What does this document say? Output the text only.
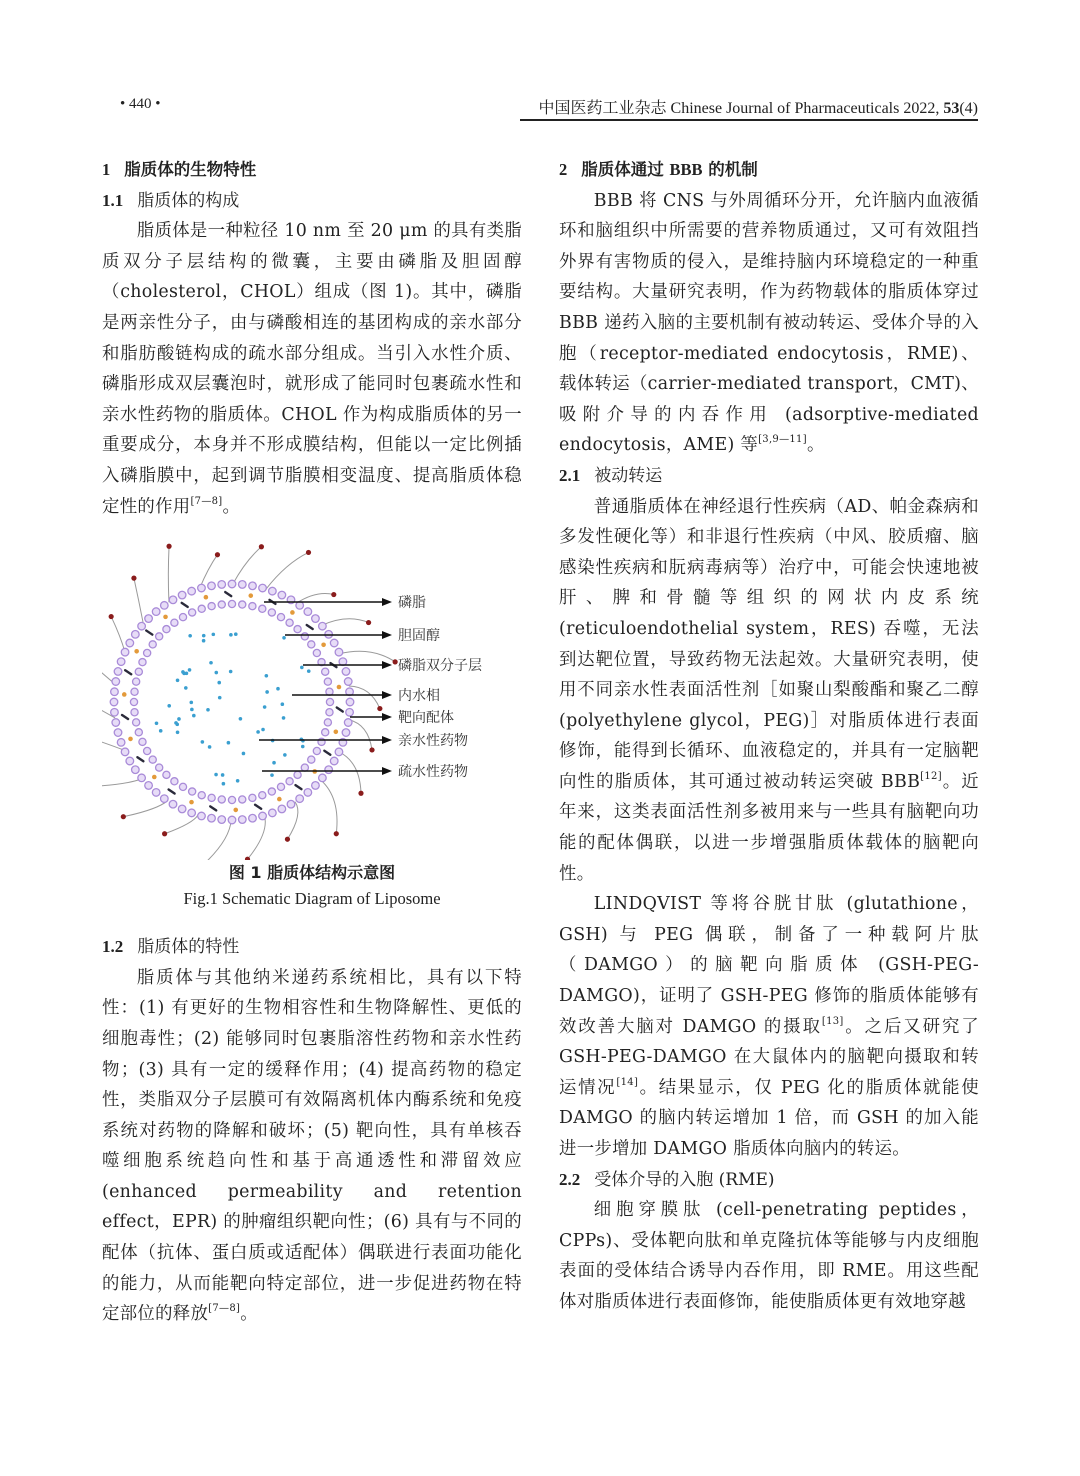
• 440 •	中国医药工业杂志 Chinese Journal of Pharmaceuticals 2022, 53(4)
1 脂质体的生物特性
1.1 脂质体的构成

脂质体是一种粒径 10 nm 至 20 μm 的具有类脂质双分子层结构的微囊，主要由磷脂及胆固醇（cholesterol，CHOL）组成（图 1)。其中，磷脂是两亲性分子，由与磷酸相连的基团构成的亲水部分和脂肪酸链构成的疏水部分组成。当引入水性介质、磷脂形成双层囊泡时，就形成了能同时包裹疏水性和亲水性药物的脂质体。CHOL 作为构成脂质体的另一重要成分，本身并不形成膜结构，但能以一定比例插入磷脂膜中，起到调节脂膜相变温度、提高脂质体稳定性的作用[7—8]。

磷脂
胆固醇
磷脂双分子层
内水相
靶向配体
亲水性药物
疏水性药物
图 1 脂质体结构示意图
Fig.1 Schematic Diagram of Liposome
1.2 脂质体的特性

脂质体与其他纳米递药系统相比，具有以下特性：(1) 有更好的生物相容性和生物降解性、更低的细胞毒性；(2) 能够同时包裹脂溶性药物和亲水性药物；(3) 具有一定的缓释作用；(4) 提高药物的稳定性，类脂双分子层膜可有效隔离机体内酶系统和免疫系统对药物的降解和破坏；(5) 靶向性，具有单核吞噬细胞系统趋向性和基于高通透性和滞留效应 (enhanced permeability and retention effect，EPR) 的肿瘤组织靶向性；(6) 具有与不同的配体（抗体、蛋白质或适配体）偶联进行表面功能化的能力，从而能靶向特定部位，进一步促进药物在特定部位的释放[7—8]。

2 脂质体通过 BBB 的机制

BBB 将 CNS 与外周循环分开，允许脑内血液循环和脑组织中所需要的营养物质通过，又可有效阻挡外界有害物质的侵入，是维持脑内环境稳定的一种重要结构。大量研究表明，作为药物载体的脂质体穿过 BBB 递药入脑的主要机制有被动转运、受体介导的入胞（receptor-mediated endocytosis，RME)、载体转运（carrier-mediated transport，CMT)、吸附介导的内吞作用 (adsorptive-mediated endocytosis，AME) 等[3,9—11]。

2.1 被动转运

普通脂质体在神经退行性疾病（AD、帕金森病和多发性硬化等）和非退行性疾病（中风、胶质瘤、脑感染性疾病和朊病毒病等）治疗中，可能会快速地被肝、脾和骨髓等组织的网状内皮系统 (reticuloendothelial system，RES) 吞噬，无法到达靶位置，导致药物无法起效。大量研究表明，使用不同亲水性表面活性剂［如聚山梨酸酯和聚乙二醇 (polyethylene glycol，PEG)］对脂质体进行表面修饰，能得到长循环、血液稳定的，并具有一定脑靶向性的脂质体，其可通过被动转运突破 BBB[12]。近年来，这类表面活性剂多被用来与一些具有脑靶向功能的配体偶联，以进一步增强脂质体载体的脑靶向性。

LINDQVIST 等将谷胱甘肽 (glutathione，GSH) 与 PEG 偶联，制备了一种载阿片肽（DAMGO）的脑靶向脂质体 (GSH-PEG-DAMGO)，证明了 GSH-PEG 修饰的脂质体能够有效改善大脑对 DAMGO 的摄取[13]。之后又研究了 GSH-PEG-DAMGO 在大鼠体内的脑靶向摄取和转运情况[14]。结果显示，仅 PEG 化的脂质体就能使 DAMGO 的脑内转运增加 1 倍，而 GSH 的加入能进一步增加 DAMGO 脂质体向脑内的转运。

2.2 受体介导的入胞 (RME)

细胞穿膜肽 (cell-penetrating peptides，CPPs)、受体靶向肽和单克隆抗体等能够与内皮细胞表面的受体结合诱导内吞作用，即 RME。用这些配体对脂质体进行表面修饰，能使脂质体更有效地穿越
